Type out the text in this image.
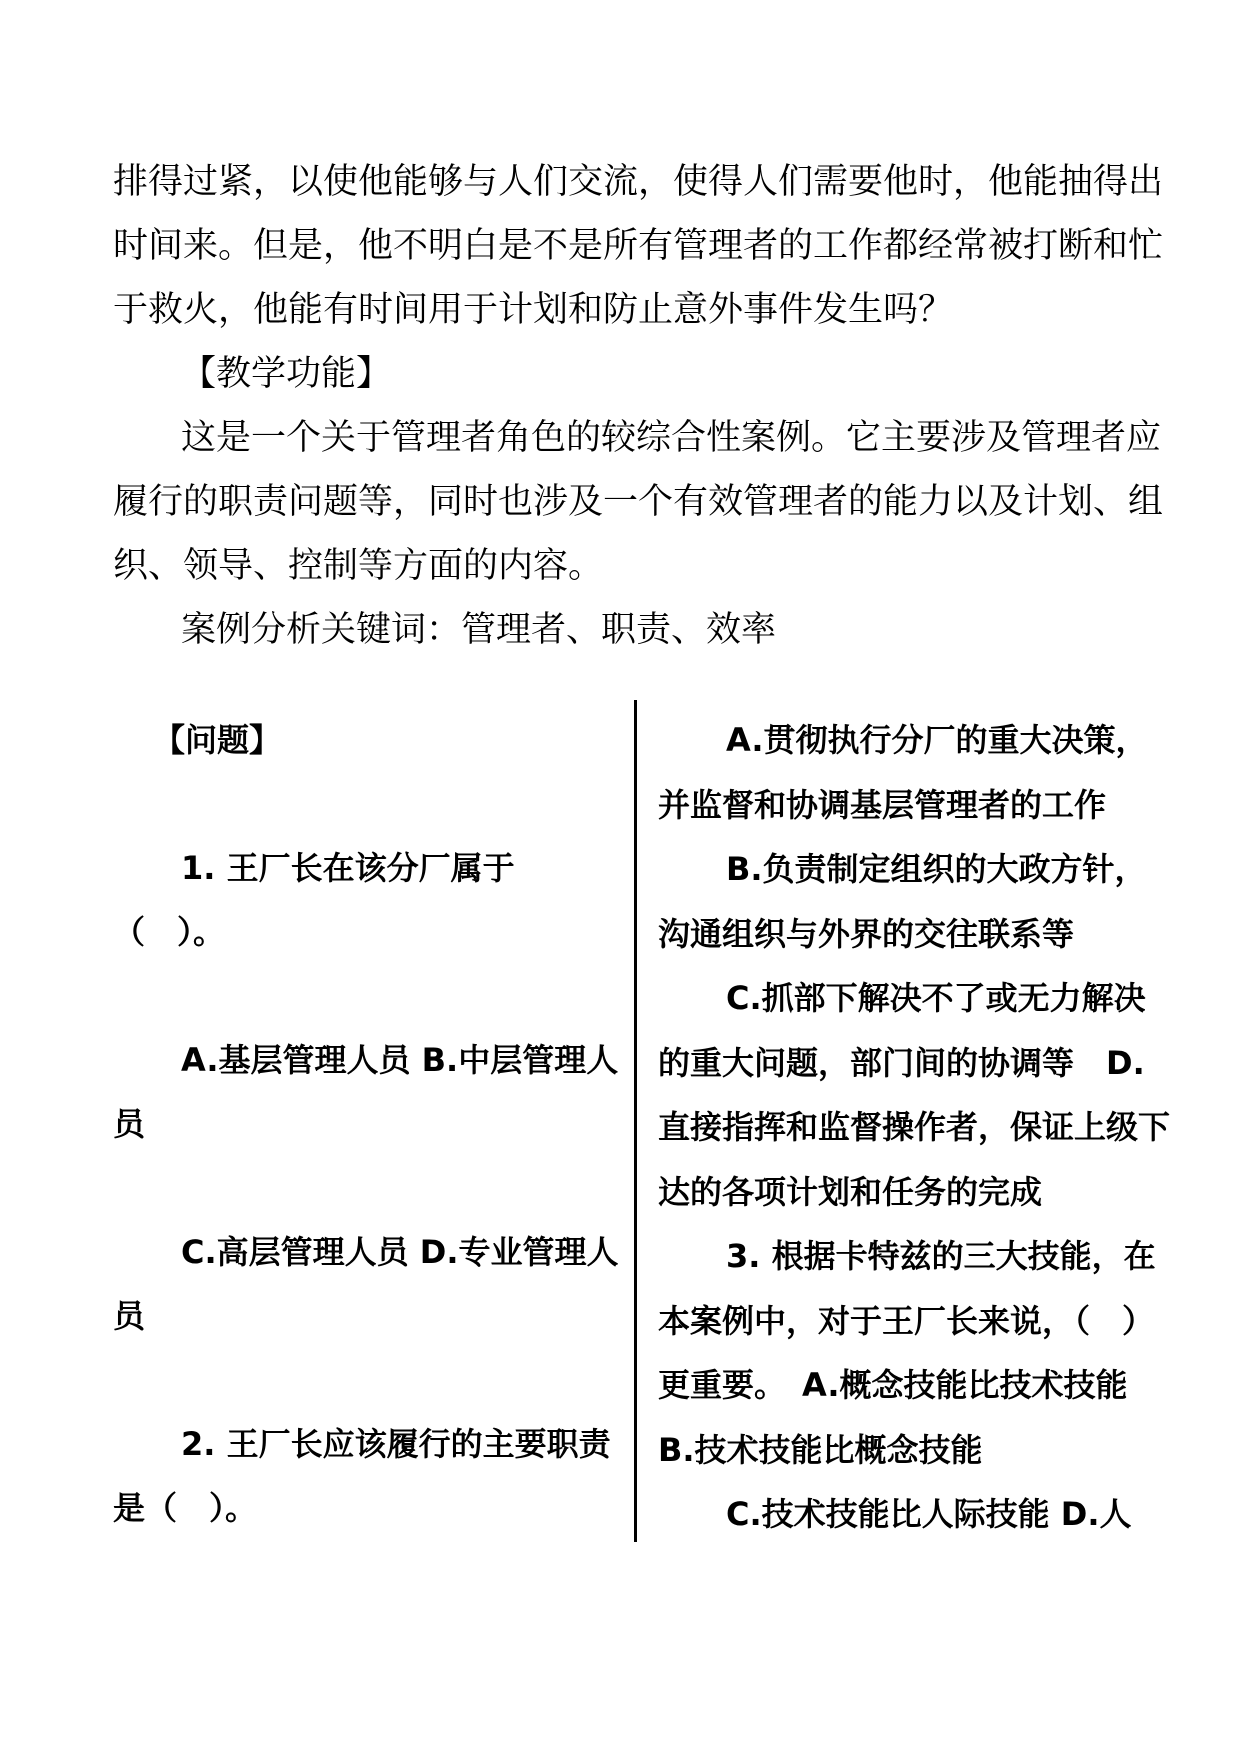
排得过紧，以使他能够与人们交流，使得人们需要他时，他能抽得出时间来。但是，他不明白是不是所有管理者的工作都经常被打断和忙于救火，他能有时间用于计划和防止意外事件发生吗？

【教学功能】

这是一个关于管理者角色的较综合性案例。它主要涉及管理者应履行的职责问题等，同时也涉及一个有效管理者的能力以及计划、组织、领导、控制等方面的内容。

案例分析关键词：管理者、职责、效率

【问题】

1. 王厂长在该分厂属于（　）。

A.基层管理人员 B.中层管理人员

C.高层管理人员 D.专业管理人员

2. 王厂长应该履行的主要职责是（　）。

A.贯彻执行分厂的重大决策，并监督和协调基层管理者的工作

B.负责制定组织的大政方针，沟通组织与外界的交往联系等

C.抓部下解决不了或无力解决的重大问题，部门间的协调等　D.直接指挥和监督操作者，保证上级下达的各项计划和任务的完成

3. 根据卡特兹的三大技能，在本案例中，对于王厂长来说，（　）更重要。　A.概念技能比技术技能　B.技术技能比概念技能

C.技术技能比人际技能 D.人
